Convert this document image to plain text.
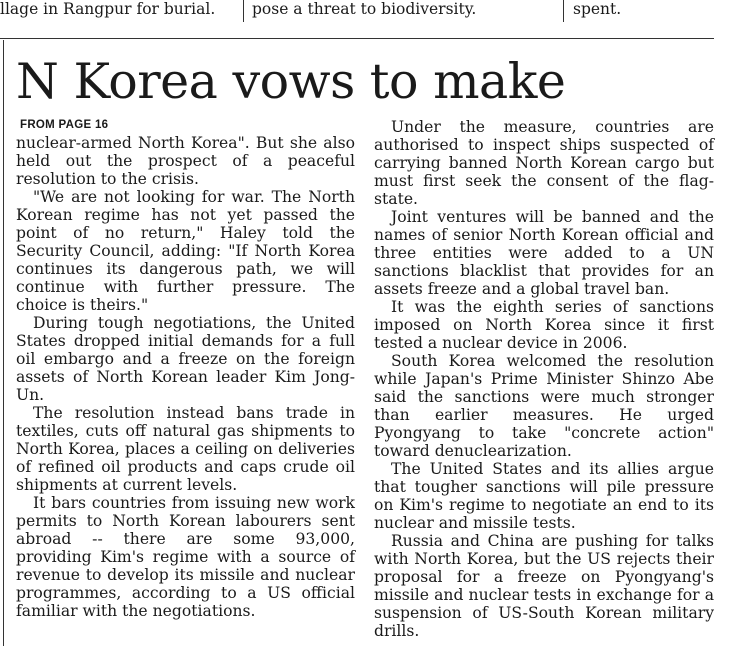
llage in Rangpur for burial.	pose a threat to biodiversity.	spent.
N Korea vows to make
FROM PAGE 16

nuclear-armed North Korea". But she also held out the prospect of a peaceful resolution to the crisis.

"We are not looking for war. The North Korean regime has not yet passed the point of no return," Haley told the Security Council, adding: "If North Korea continues its dangerous path, we will continue with further pressure. The choice is theirs."

During tough negotiations, the United States dropped initial demands for a full oil embargo and a freeze on the foreign assets of North Korean leader Kim Jong-Un.

The resolution instead bans trade in textiles, cuts off natural gas shipments to North Korea, places a ceiling on deliveries of refined oil products and caps crude oil shipments at current levels.

It bars countries from issuing new work permits to North Korean labourers sent abroad -- there are some 93,000, providing Kim's regime with a source of revenue to develop its missile and nuclear programmes, according to a US official familiar with the negotiations.

Under the measure, countries are authorised to inspect ships suspected of carrying banned North Korean cargo but must first seek the consent of the flag-state.

Joint ventures will be banned and the names of senior North Korean official and three entities were added to a UN sanctions blacklist that provides for an assets freeze and a global travel ban.

It was the eighth series of sanctions imposed on North Korea since it first tested a nuclear device in 2006.

South Korea welcomed the resolution while Japan's Prime Minister Shinzo Abe said the sanctions were much stronger than earlier measures. He urged Pyongyang to take "concrete action" toward denuclearization.

The United States and its allies argue that tougher sanctions will pile pressure on Kim's regime to negotiate an end to its nuclear and missile tests.

Russia and China are pushing for talks with North Korea, but the US rejects their proposal for a freeze on Pyongyang's missile and nuclear tests in exchange for a suspension of US-South Korean military drills.
